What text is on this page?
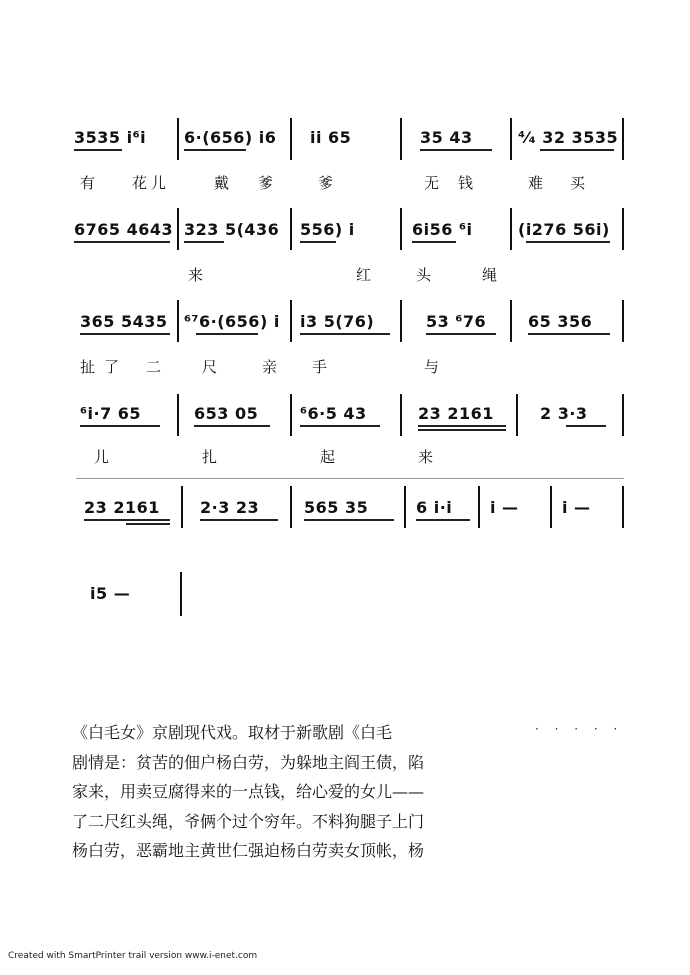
3535 i⁶i 6·(656) i6 ii 65	35 43	⁴⁄₄ 32 3535
有 花儿	戴 爹	爹	无 钱	难 买
6765 4643 323 5(436 556) i	6i56 ⁶i	(i276 56i)
来	红	头	绳
365 5435 ⁶⁷6·(656) i i3 5(76)	53 ⁶76	65 356
扯 了 二	尺	亲 手	与
⁶i·7 65	653 05	⁶6·5 43	23 2161	2 3·3
儿	扎	起	来
23 2161	2·3 23	565 35	6 i·i i —	i —
i5 —

《白毛女》京剧现代戏。取材于新歌剧《白毛

剧情是：贫苦的佃户杨白劳，为躲地主阎王债，陷

家来，用卖豆腐得来的一点钱，给心爱的女儿——

了二尺红头绳，爷俩个过个穷年。不料狗腿子上门

杨白劳，恶霸地主黄世仁强迫杨白劳卖女顶帐，杨

· · · · ·
Created with SmartPrinter trail version www.i-enet.com
